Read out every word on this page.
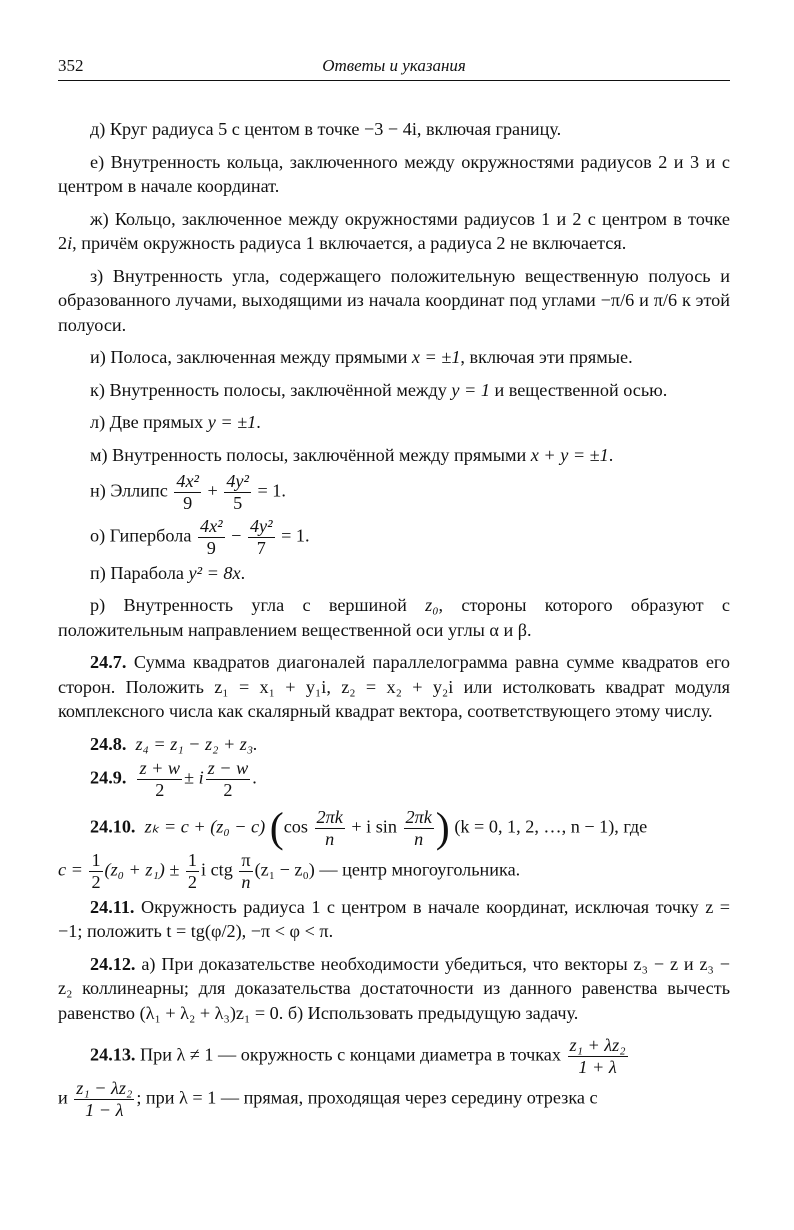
352	Ответы и указания

д) Круг радиуса 5 с центом в точке −3 − 4i, включая границу.

е) Внутренность кольца, заключенного между окружностями радиусов 2 и 3 и с центром в начале координат.

ж) Кольцо, заключенное между окружностями радиусов 1 и 2 с центром в точке 2i, причём окружность радиуса 1 включается, а радиуса 2 не включается.

з) Внутренность угла, содержащего положительную вещественную полуось и образованного лучами, выходящими из начала координат под углами −π/6 и π/6 к этой полуоси.

и) Полоса, заключенная между прямыми x = ±1, включая эти прямые.

к) Внутренность полосы, заключённой между y = 1 и вещественной осью.

л) Две прямых y = ±1.

м) Внутренность полосы, заключённой между прямыми x + y = ±1.

н) Эллипс $\frac{\text{4x²}}{9} + \frac{\text{4y²}}{5} = 1$.

о) Гипербола $\frac{\text{4x²}}{9} - \frac{\text{4y²}}{7} = 1$.

п) Парабола y² = 8x.

р) Внутренность угла с вершиной z₀, стороны которого образуют с положительным направлением вещественной оси углы α и β.

24.7. Сумма квадратов диагоналей параллелограмма равна сумме квадратов его сторон. Положить z₁ = x₁ + y₁i, z₂ = x₂ + y₂i или истолковать квадрат модуля комплексного числа как скалярный квадрат вектора, соответствующего этому числу.

24.8. z₄ = z₁ − z₂ + z₃.

24.9. $\frac{z + w}{2} \pm i \frac{z - w}{2}$ .

24.10. zₖ = c + (z₀ − c) ($\cos \frac{2\pi k}{n} + i$ $\sin \frac{2\pi k}{n}$ ) (k = 0, 1, 2, …, n − 1), где

$c = \frac{1}{2} (z_0 + z_1) \pm \frac{1}{2}$ i ctg $\frac{\pi}{n} (z_1 - z_0)$ — центр многоугольника.

24.11. Окружность радиуса 1 с центром в начале координат, исключая точку z = −1; положить t = tg(φ/2), −π < φ < π.

24.12. а) При доказательстве необходимости убедиться, что векторы z₃ − z и z₃ − z₂ коллинеарны; для доказательства достаточности из данного равенства вычесть равенство (λ₁ + λ₂ + λ₃)z₁ = 0. б) Использовать предыдущую задачу.

24.13. При λ ≠ 1 — окружность с концами диаметра в точках $\frac{\text{z₁ + λz₂}}{1 + \lambda}$

и $\frac{\text{z₁ − λz₂}}{1 - \lambda}$ ; при λ = 1 — прямая, проходящая через середину отрезка с
